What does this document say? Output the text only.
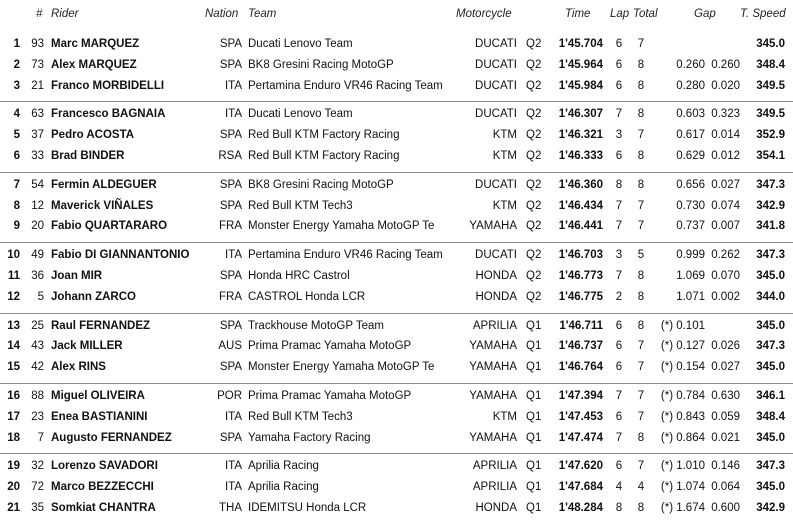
# Rider	Nation Team	Motorcycle	Time Lap Total	Gap T. Speed
1 93 Marc MARQUEZ	SPA Ducati Lenovo Team	DUCATI Q2	1'45.704	6	7	345.0
2 73 Alex MARQUEZ	SPA BK8 Gresini Racing MotoGP	DUCATI Q2	1'45.964	6	8	0.260 0.260	348.4
3 21 Franco MORBIDELLI	ITA Pertamina Enduro VR46 Racing Team	DUCATI Q2	1'45.984	6	8	0.280 0.020	349.5
4 63 Francesco BAGNAIA	ITA Ducati Lenovo Team	DUCATI Q2	1'46.307	7	8	0.603 0.323	349.5
5 37 Pedro ACOSTA	SPA Red Bull KTM Factory Racing	KTM Q2	1'46.321	3	7	0.617 0.014	352.9
6 33 Brad BINDER	RSA Red Bull KTM Factory Racing	KTM Q2	1'46.333	6	8	0.629 0.012	354.1
7 54 Fermin ALDEGUER	SPA BK8 Gresini Racing MotoGP	DUCATI Q2	1'46.360	8	8	0.656 0.027	347.3
8 12 Maverick VIÑALES	SPA Red Bull KTM Tech3	KTM Q2	1'46.434	7	7	0.730 0.074	342.9
9 20 Fabio QUARTARARO	FRA Monster Energy Yamaha MotoGP Te	YAMAHA Q2	1'46.441	7	7	0.737 0.007	341.8
10 49 Fabio DI GIANNANTONIO	ITA Pertamina Enduro VR46 Racing Team	DUCATI Q2	1'46.703	3	5	0.999 0.262	347.3
11 36 Joan MIR	SPA Honda HRC Castrol	HONDA Q2	1'46.773	7	8	1.069 0.070	345.0
12	5 Johann ZARCO	FRA CASTROL Honda LCR	HONDA Q2	1'46.775	2	8	1.071 0.002	344.0
13 25 Raul FERNANDEZ	SPA Trackhouse MotoGP Team	APRILIA Q1	1'46.711	6	8	(*) 0.101	345.0
14 43 Jack MILLER	AUS Prima Pramac Yamaha MotoGP	YAMAHA Q1	1'46.737	6	7	(*) 0.127 0.026	347.3
15 42 Alex RINS	SPA Monster Energy Yamaha MotoGP Te	YAMAHA Q1	1'46.764	6	7	(*) 0.154 0.027	345.0
16 88 Miguel OLIVEIRA	POR Prima Pramac Yamaha MotoGP	YAMAHA Q1	1'47.394	7	7	(*) 0.784 0.630	346.1
17 23 Enea BASTIANINI	ITA Red Bull KTM Tech3	KTM Q1	1'47.453	6	7	(*) 0.843 0.059	348.4
18	7 Augusto FERNANDEZ	SPA Yamaha Factory Racing	YAMAHA Q1	1'47.474	7	8	(*) 0.864 0.021	345.0
19 32 Lorenzo SAVADORI	ITA Aprilia Racing	APRILIA Q1	1'47.620	6	7	(*) 1.010 0.146	347.3
20 72 Marco BEZZECCHI	ITA Aprilia Racing	APRILIA Q1	1'47.684	4	4	(*) 1.074 0.064	345.0
21 35 Somkiat CHANTRA	THA IDEMITSU Honda LCR	HONDA Q1	1'48.284	8	8	(*) 1.674 0.600	342.9
